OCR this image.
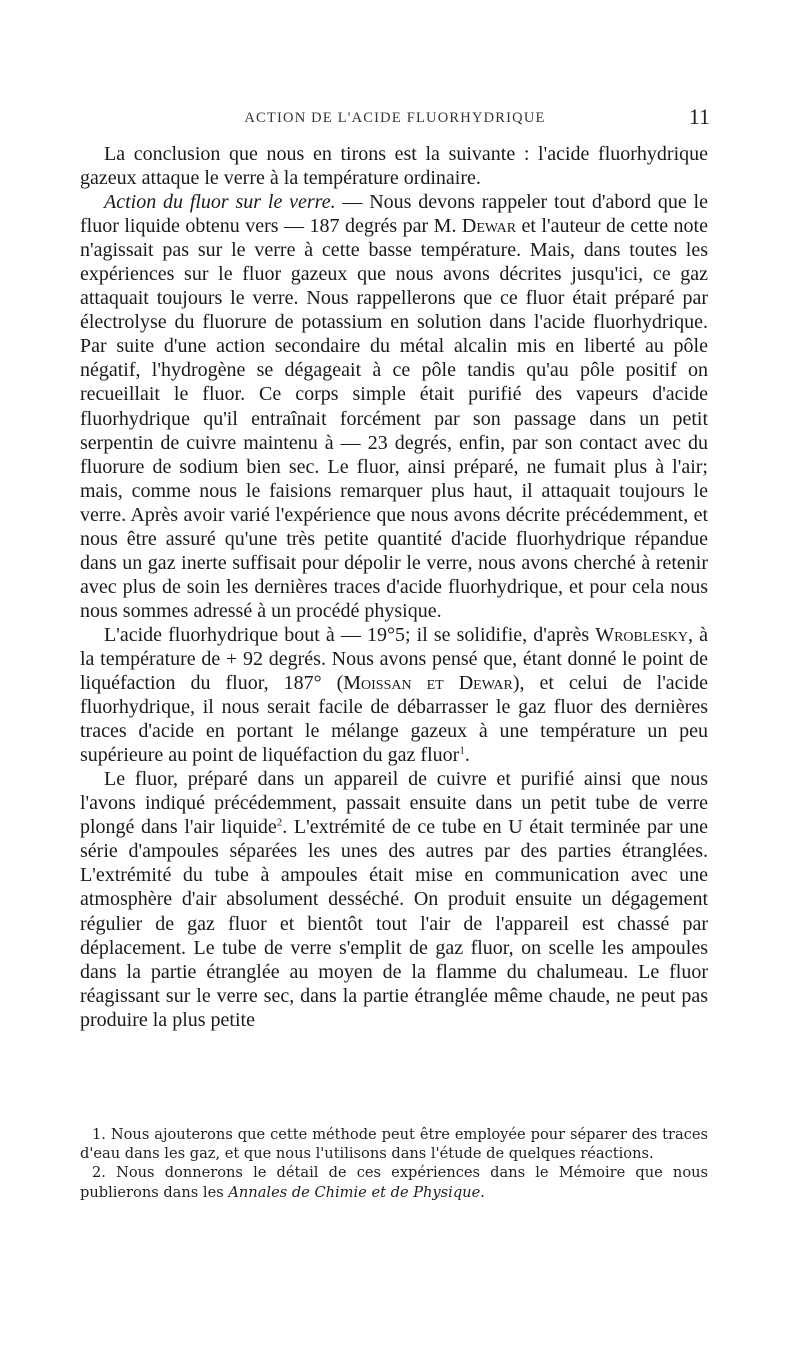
ACTION DE L'ACIDE FLUORHYDRIQUE	11

La conclusion que nous en tirons est la suivante : l'acide fluorhydrique gazeux attaque le verre à la température ordinaire.

Action du fluor sur le verre. — Nous devons rappeler tout d'abord que le fluor liquide obtenu vers — 187 degrés par M. Dewar et l'auteur de cette note n'agissait pas sur le verre à cette basse température. Mais, dans toutes les expériences sur le fluor gazeux que nous avons décrites jusqu'ici, ce gaz attaquait toujours le verre. Nous rappellerons que ce fluor était préparé par électrolyse du fluorure de potassium en solution dans l'acide fluorhydrique. Par suite d'une action secondaire du métal alcalin mis en liberté au pôle négatif, l'hydrogène se dégageait à ce pôle tandis qu'au pôle positif on recueillait le fluor. Ce corps simple était purifié des vapeurs d'acide fluorhydrique qu'il entraînait forcément par son passage dans un petit serpentin de cuivre maintenu à — 23 degrés, enfin, par son contact avec du fluorure de sodium bien sec. Le fluor, ainsi préparé, ne fumait plus à l'air; mais, comme nous le faisions remarquer plus haut, il attaquait toujours le verre. Après avoir varié l'expérience que nous avons décrite précédemment, et nous être assuré qu'une très petite quantité d'acide fluorhydrique répandue dans un gaz inerte suffisait pour dépolir le verre, nous avons cherché à retenir avec plus de soin les dernières traces d'acide fluorhydrique, et pour cela nous nous sommes adressé à un procédé physique.

L'acide fluorhydrique bout à — 19°5; il se solidifie, d'après Wroblesky, à la température de + 92 degrés. Nous avons pensé que, étant donné le point de liquéfaction du fluor, 187° (Moissan et Dewar), et celui de l'acide fluorhydrique, il nous serait facile de débarrasser le gaz fluor des dernières traces d'acide en portant le mélange gazeux à une température un peu supérieure au point de liquéfaction du gaz fluor$^1$.

Le fluor, préparé dans un appareil de cuivre et purifié ainsi que nous l'avons indiqué précédemment, passait ensuite dans un petit tube de verre plongé dans l'air liquide$^2$. L'extrémité de ce tube en U était terminée par une série d'ampoules séparées les unes des autres par des parties étranglées. L'extrémité du tube à ampoules était mise en communication avec une atmosphère d'air absolument desséché. On produit ensuite un dégagement régulier de gaz fluor et bientôt tout l'air de l'appareil est chassé par déplacement. Le tube de verre s'emplit de gaz fluor, on scelle les ampoules dans la partie étranglée au moyen de la flamme du chalumeau. Le fluor réagissant sur le verre sec, dans la partie étranglée même chaude, ne peut pas produire la plus petite

1. Nous ajouterons que cette méthode peut être employée pour séparer des traces d'eau dans les gaz, et que nous l'utilisons dans l'étude de quelques réactions.

2. Nous donnerons le détail de ces expériences dans le Mémoire que nous publierons dans les Annales de Chimie et de Physique.
